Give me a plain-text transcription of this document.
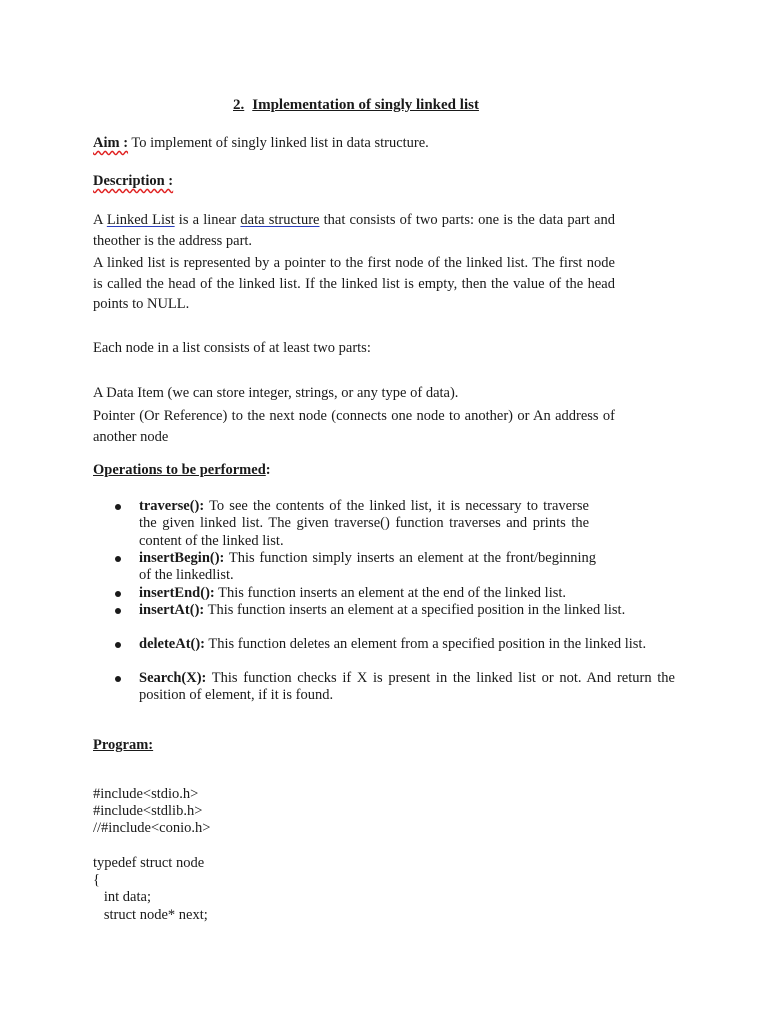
2. Implementation of singly linked list
Aim : To implement of singly linked list in data structure.
Description :
A Linked List is a linear data structure that consists of two parts: one is the data part and theother is the address part.
A linked list is represented by a pointer to the first node of the linked list. The first node is called the head of the linked list. If the linked list is empty, then the value of the head points to NULL.
Each node in a list consists of at least two parts:
A Data Item (we can store integer, strings, or any type of data).
Pointer (Or Reference) to the next node (connects one node to another) or An address of another node
Operations to be performed:
traverse(): To see the contents of the linked list, it is necessary to traverse the given linked list. The given traverse() function traverses and prints the content of the linked list.
insertBegin(): This function simply inserts an element at the front/beginning of the linkedlist.
insertEnd(): This function inserts an element at the end of the linked list.
insertAt(): This function inserts an element at a specified position in the linked list.
deleteAt(): This function deletes an element from a specified position in the linked list.
Search(X): This function checks if X is present in the linked list or not. And return the position of element, if it is found.
Program:
#include<stdio.h>
#include<stdlib.h>
//#include<conio.h>
typedef struct node
{
int data;
struct node* next;
